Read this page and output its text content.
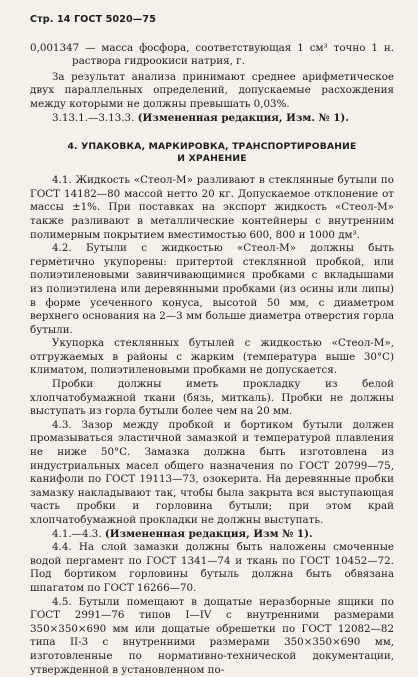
Стр. 14 ГОСТ 5020—75

0,001347 — масса фосфора, соответствующая 1 см³ точно 1 н. раствора гидроокиси натрия, г.

За результат анализа принимают среднее арифметическое двух параллельных определений, допускаемые расхождения между которыми не должны превышать 0,03%.

3.13.1.—3.13.3. (Измененная редакция, Изм. № 1).

4. УПАКОВКА, МАРКИРОВКА, ТРАНСПОРТИРОВАНИЕ
И ХРАНЕНИЕ

4.1. Жидкость «Стеол-М» разливают в стеклянные бутыли по ГОСТ 14182—80 массой нетто 20 кг. Допускаемое отклонение от массы ±1%. При поставках на экспорт жидкость «Стеол-М» также разливают в металлические контейнеры с внутренним полимерным покрытием вместимостью 600, 800 и 1000 дм³.

4.2. Бутыли с жидкостью «Стеол-М» должны быть герметично укупорены: притертой стеклянной пробкой, или полиэтиленовыми завинчивающимися пробками с вкладышами из полиэтилена или деревянными пробками (из осины или липы) в форме усеченного конуса, высотой 50 мм, с диаметром верхнего основания на 2—3 мм больше диаметра отверстия горла бутыли.

Укупорка стеклянных бутылей с жидкостью «Стеол-М», отгружаемых в районы с жарким (температура выше 30°С) климатом, полиэтиленовыми пробками не допускается.

Пробки должны иметь прокладку из белой хлопчатобумажной ткани (бязь, миткаль). Пробки не должны выступать из горла бутыли более чем на 20 мм.

4.3. Зазор между пробкой и бортиком бутыли должен промазываться эластичной замазкой и температурой плавления не ниже 50°С. Замазка должна быть изготовлена из индустриальных масел общего назначения по ГОСТ 20799—75, канифоли по ГОСТ 19113—73, озокерита. На деревянные пробки замазку накладывают так, чтобы была закрыта вся выступающая часть пробки и горловина бутыли; при этом край хлопчатобумажной прокладки не должны выступать.

4.1.—4.3. (Измененная редакция, Изм № 1).

4.4. На слой замазки должны быть наложены смоченные водой пергамент по ГОСТ 1341—74 и ткань по ГОСТ 10452—72. Под бортиком горловины бутыль должна быть обвязана шпагатом по ГОСТ 16266—70.

4.5. Бутыли помещают в дощатые неразборные ящики по ГОСТ 2991—76 типов I—IV с внутренними размерами 350×350×690 мм или дощатые обрешетки по ГОСТ 12082—82 типа II-3 с внутренними размерами 350×350×690 мм, изготовленные по нормативно-технической документации, утвержденной в установленном по-
